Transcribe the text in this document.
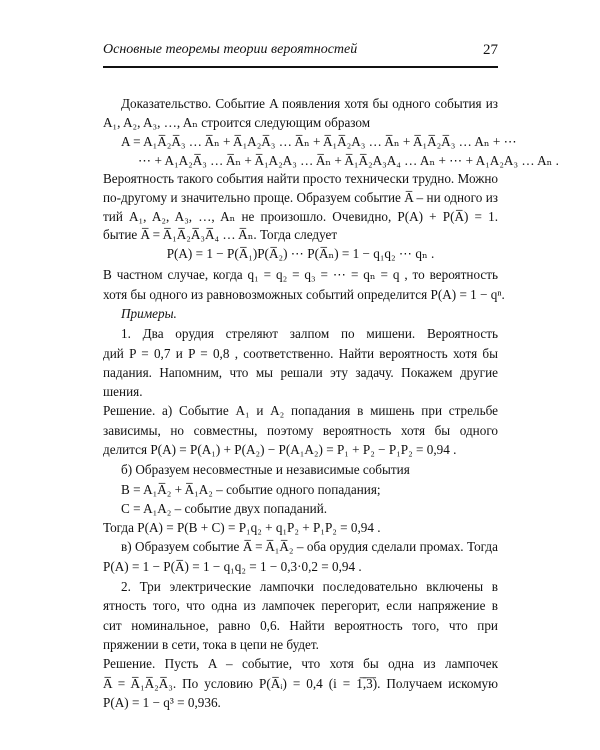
Основные теоремы теории вероятностей	27
Доказательство. Событие A появления хотя бы одного события из
A₁, A₂, A₃, …, Aₙ строится следующим образом
A = A₁A̅₂A̅₃ … A̅ₙ + A̅₁A₂A̅₃ … A̅ₙ + A̅₁A̅₂A₃ … A̅ₙ + A̅₁A̅₂A̅₃ … Aₙ + ⋯
⋯ + A₁A₂A̅₃ … A̅ₙ + A̅₁A₂A₃ … A̅ₙ + A̅₁A̅₂A₃A₄ … Aₙ + ⋯ + A₁A₂A₃ … Aₙ .
Вероятность такого события найти просто технически трудно. Можно
по-другому и значительно проще. Образуем событие A̅ – ни одного из
тий A₁, A₂, A₃, …, Aₙ не произошло. Очевидно, P(A) + P(A̅) = 1.
бытие A̅ = A̅₁A̅₂A̅₃A̅₄ … A̅ₙ. Тогда следует
P(A) = 1 − P(A̅₁)P(A̅₂) ⋯ P(A̅ₙ) = 1 − q₁q₂ ⋯ qₙ .
В частном случае, когда q₁ = q₂ = q₃ = ⋯ = qₙ = q , то вероятность
хотя бы одного из равновозможных событий определится P(A) = 1 − qⁿ.
Примеры.
1. Два орудия стреляют залпом по мишени. Вероятность
дий P = 0,7 и P = 0,8 , соответственно. Найти вероятность хотя бы
падания. Напомним, что мы решали эту задачу. Покажем другие
шения.
Решение. а) Событие A₁ и A₂ попадания в мишень при стрельбе
зависимы, но совместны, поэтому вероятность хотя бы одного
делится P(A) = P(A₁) + P(A₂) − P(A₁A₂) = P₁ + P₂ − P₁P₂ = 0,94 .
б) Образуем несовместные и независимые события
B = A₁A̅₂ + A̅₁A₂ – событие одного попадания;
C = A₁A₂ – событие двух попаданий.
Тогда P(A) = P(B + C) = P₁q₂ + q₁P₂ + P₁P₂ = 0,94 .
в) Образуем событие A̅ = A̅₁A̅₂ – оба орудия сделали промах. Тогда
P(A) = 1 − P(A̅) = 1 − q₁q₂ = 1 − 0,3·0,2 = 0,94 .
2. Три электрические лампочки последовательно включены в
ятность того, что одна из лампочек перегорит, если напряжение в
сит номинальное, равно 0,6. Найти вероятность того, что при
пряжении в сети, тока в цепи не будет.
Решение. Пусть A – событие, что хотя бы одна из лампочек
A̅ = A̅₁A̅₂A̅₃. По условию P(A̅ᵢ) = 0,4 (i = 1̅,̅3̅). Получаем искомую
P(A) = 1 − q³ = 0,936.
